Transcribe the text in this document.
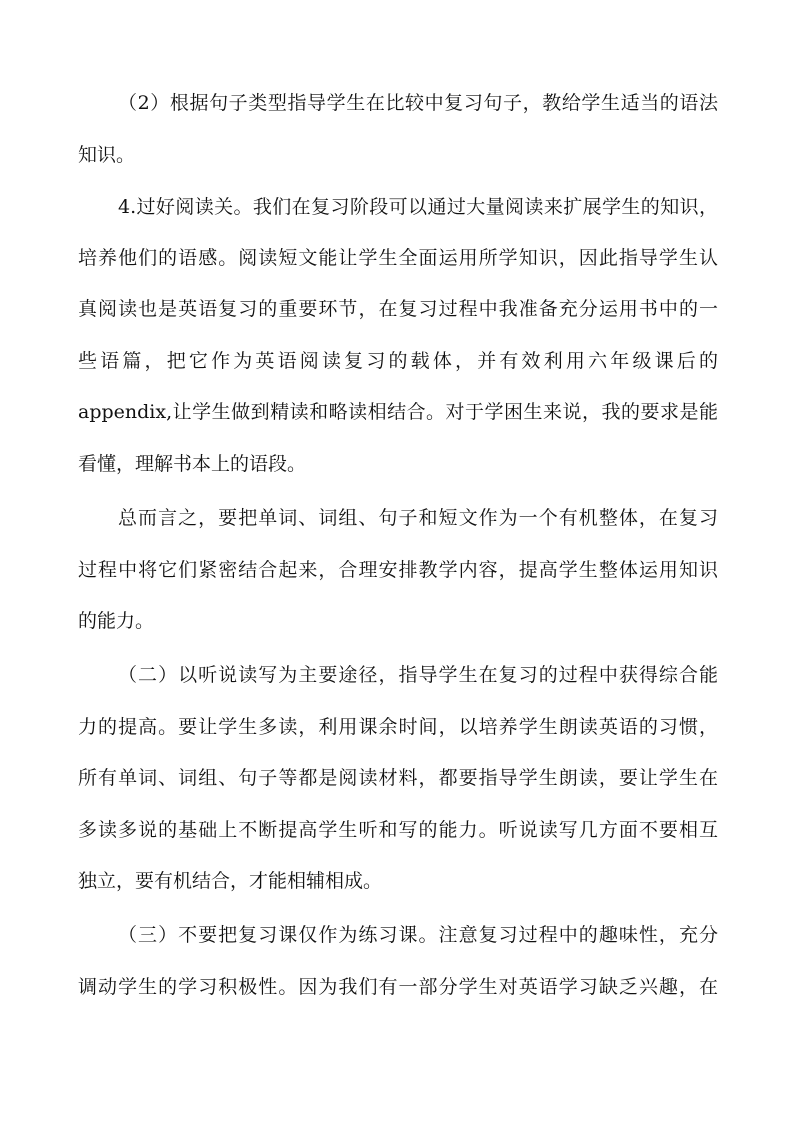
（2）根据句子类型指导学生在比较中复习句子，教给学生适当的语法
知识。
4.过好阅读关。我们在复习阶段可以通过大量阅读来扩展学生的知识，
培养他们的语感。阅读短文能让学生全面运用所学知识，因此指导学生认
真阅读也是英语复习的重要环节，在复习过程中我准备充分运用书中的一
些语篇，把它作为英语阅读复习的载体，并有效利用六年级课后的
appendix,让学生做到精读和略读相结合。对于学困生来说，我的要求是能
看懂，理解书本上的语段。
总而言之，要把单词、词组、句子和短文作为一个有机整体，在复习
过程中将它们紧密结合起来，合理安排教学内容，提高学生整体运用知识
的能力。
（二）以听说读写为主要途径，指导学生在复习的过程中获得综合能
力的提高。要让学生多读，利用课余时间，以培养学生朗读英语的习惯，
所有单词、词组、句子等都是阅读材料，都要指导学生朗读，要让学生在
多读多说的基础上不断提高学生听和写的能力。听说读写几方面不要相互
独立，要有机结合，才能相辅相成。
（三）不要把复习课仅作为练习课。注意复习过程中的趣味性，充分
调动学生的学习积极性。因为我们有一部分学生对英语学习缺乏兴趣，在
